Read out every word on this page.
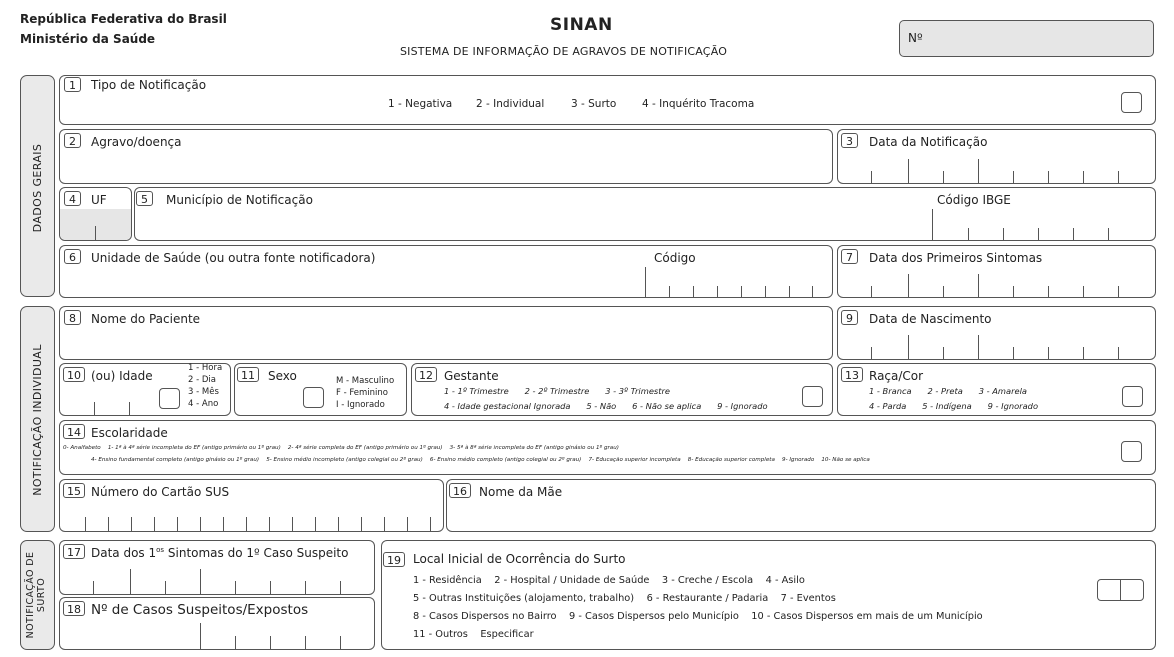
República Federativa do Brasil
Ministério da Saúde
SINAN
SISTEMA DE INFORMAÇÃO DE AGRAVOS DE NOTIFICAÇÃO
Nº
DADOS GERAIS
1	Tipo de Notificação
1 - Negativa 2 - Individual	3 - Surto 4 - Inquérito Tracoma
2	Agravo/doença	3	Data da Notificação
4	UF	5	Município de Notificação	Código IBGE
6	Unidade de Saúde (ou outra fonte notificadora)	Código	7	Data dos Primeiros Sintomas
NOTIFICAÇÃO INDIVIDUAL
8	Nome do Paciente	9	Data de Nascimento
10 (ou) Idade
1 - Hora
2 - Dia
3 - Mês
4 - Ano
11	Sexo	M - Masculino
F - Feminino
I - Ignorado
12 Gestante
1 - 1º Trimestre      2 - 2º Trimestre      3 - 3º Trimestre
4 - Idade gestacional Ignorada      5 - Não      6 - Não se aplica      9 - Ignorado
13 Raça/Cor
1 - Branca      2 - Preta      3 - Amarela
4 - Parda      5 - Indígena      9 - Ignorado
14 Escolaridade
0- Analfabeto    1- 1ª à 4ª série incompleta do EF (antigo primário ou 1º grau)    2- 4ª série completa do EF (antigo primário ou 1º grau)    3- 5ª à 8ª série incompleta do EF (antigo ginásio ou 1º grau)
4- Ensino fundamental completo (antigo ginásio ou 1º grau)    5- Ensino médio incompleto (antigo colegial ou 2º grau)    6- Ensino médio completo (antigo colegial ou 2º grau)    7- Educação superior incompleta    8- Educação superior completa    9- Ignorado    10- Não se aplica
15 Número do Cartão SUS	16	Nome da Mãe
NOTIFICAÇÃO DE SURTO
17 Data dos $1^{os}$ Sintomas do 1º Caso Suspeito
18 Nº de Casos Suspeitos/Expostos
19	Local Inicial de Ocorrência do Surto
1 - Residência    2 - Hospital / Unidade de Saúde    3 - Creche / Escola    4 - Asilo
5 - Outras Instituições (alojamento, trabalho)    6 - Restaurante / Padaria    7 - Eventos
8 - Casos Dispersos no Bairro    9 - Casos Dispersos pelo Município    10 - Casos Dispersos em mais de um Município
11 - Outros    Especificar
